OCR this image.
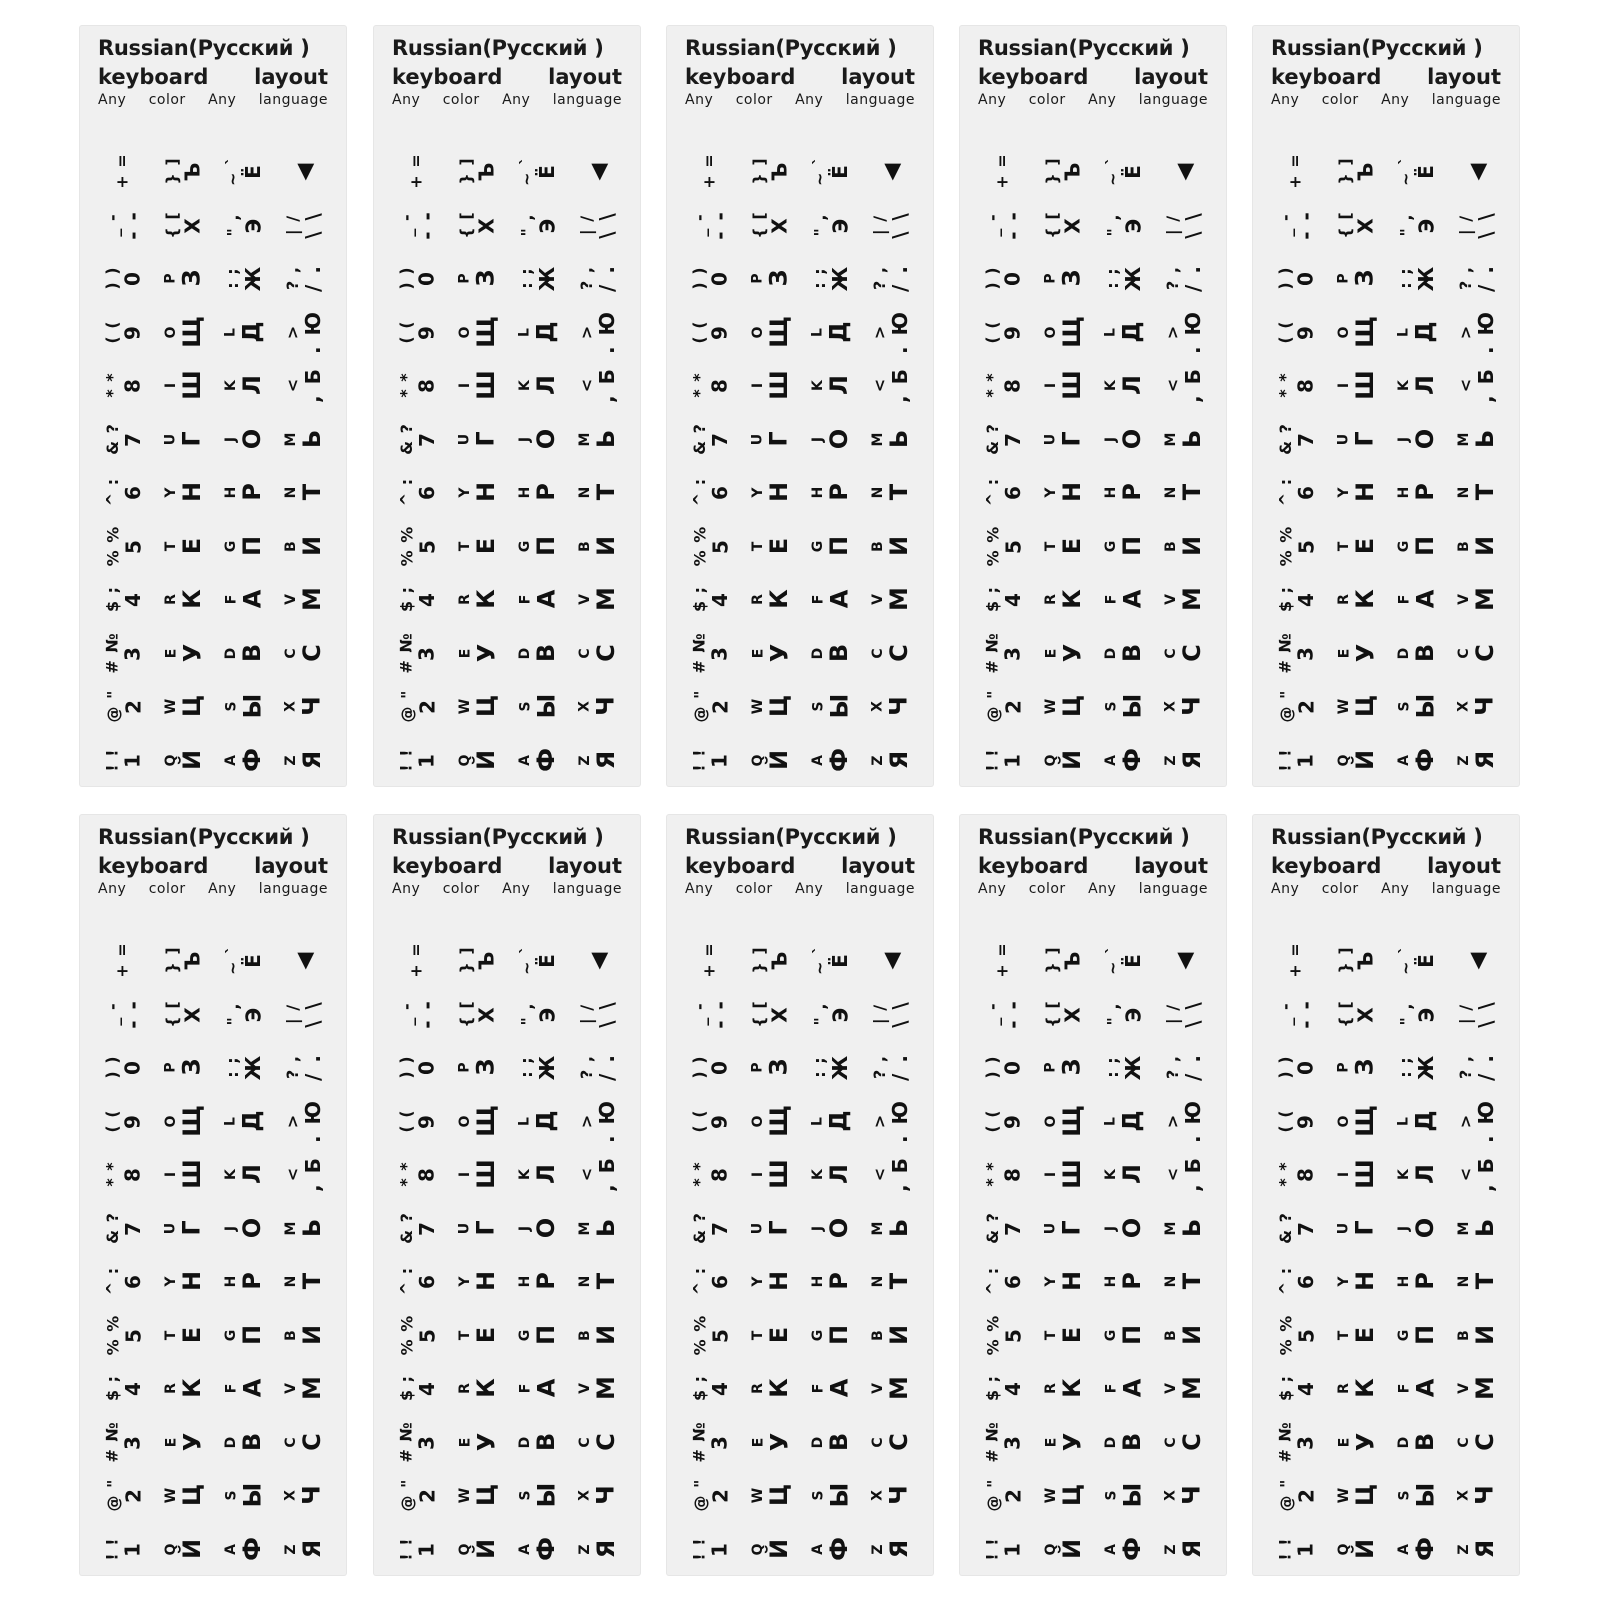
Russian(Русский )
keyboard layout
Any color Any language
! ! 1
@ " 2
# № 3
$ ; 4
% % 5
^ : 6
& ? 7
* * 8
( ( 9
) ) 0
_ - - -
+ =
Q Й
W Ц
E У
R К
T Е
Y Н
U Г
I Ш
O Щ
P З
{ [ Х
} ] Ъ
A Ф
S Ы
D В
F А
G П
H Р
J О
K Л
L Д
: ; Ж
" , Э
~ ` Ё
Z Я
X Ч
C С
V М
B И
N Т
M Ь
< , Б
> . Ю
? , / .
| / \ \
◀
Russian(Русский )
keyboard layout
Any color Any language
! ! 1
@ " 2
# № 3
$ ; 4
% % 5
^ : 6
& ? 7
* * 8
( ( 9
) ) 0
_ - - -
+ =
Q Й
W Ц
E У
R К
T Е
Y Н
U Г
I Ш
O Щ
P З
{ [ Х
} ] Ъ
A Ф
S Ы
D В
F А
G П
H Р
J О
K Л
L Д
: ; Ж
" , Э
~ ` Ё
Z Я
X Ч
C С
V М
B И
N Т
M Ь
< , Б
> . Ю
? , / .
| / \ \
◀
Russian(Русский )
keyboard layout
Any color Any language
! ! 1
@ " 2
# № 3
$ ; 4
% % 5
^ : 6
& ? 7
* * 8
( ( 9
) ) 0
_ - - -
+ =
Q Й
W Ц
E У
R К
T Е
Y Н
U Г
I Ш
O Щ
P З
{ [ Х
} ] Ъ
A Ф
S Ы
D В
F А
G П
H Р
J О
K Л
L Д
: ; Ж
" , Э
~ ` Ё
Z Я
X Ч
C С
V М
B И
N Т
M Ь
< , Б
> . Ю
? , / .
| / \ \
◀
Russian(Русский )
keyboard layout
Any color Any language
! ! 1
@ " 2
# № 3
$ ; 4
% % 5
^ : 6
& ? 7
* * 8
( ( 9
) ) 0
_ - - -
+ =
Q Й
W Ц
E У
R К
T Е
Y Н
U Г
I Ш
O Щ
P З
{ [ Х
} ] Ъ
A Ф
S Ы
D В
F А
G П
H Р
J О
K Л
L Д
: ; Ж
" , Э
~ ` Ё
Z Я
X Ч
C С
V М
B И
N Т
M Ь
< , Б
> . Ю
? , / .
| / \ \
◀
Russian(Русский )
keyboard layout
Any color Any language
! ! 1
@ " 2
# № 3
$ ; 4
% % 5
^ : 6
& ? 7
* * 8
( ( 9
) ) 0
_ - - -
+ =
Q Й
W Ц
E У
R К
T Е
Y Н
U Г
I Ш
O Щ
P З
{ [ Х
} ] Ъ
A Ф
S Ы
D В
F А
G П
H Р
J О
K Л
L Д
: ; Ж
" , Э
~ ` Ё
Z Я
X Ч
C С
V М
B И
N Т
M Ь
< , Б
> . Ю
? , / .
| / \ \
◀
Russian(Русский )
keyboard layout
Any color Any language
! ! 1
@ " 2
# № 3
$ ; 4
% % 5
^ : 6
& ? 7
* * 8
( ( 9
) ) 0
_ - - -
+ =
Q Й
W Ц
E У
R К
T Е
Y Н
U Г
I Ш
O Щ
P З
{ [ Х
} ] Ъ
A Ф
S Ы
D В
F А
G П
H Р
J О
K Л
L Д
: ; Ж
" , Э
~ ` Ё
Z Я
X Ч
C С
V М
B И
N Т
M Ь
< , Б
> . Ю
? , / .
| / \ \
◀
Russian(Русский )
keyboard layout
Any color Any language
! ! 1
@ " 2
# № 3
$ ; 4
% % 5
^ : 6
& ? 7
* * 8
( ( 9
) ) 0
_ - - -
+ =
Q Й
W Ц
E У
R К
T Е
Y Н
U Г
I Ш
O Щ
P З
{ [ Х
} ] Ъ
A Ф
S Ы
D В
F А
G П
H Р
J О
K Л
L Д
: ; Ж
" , Э
~ ` Ё
Z Я
X Ч
C С
V М
B И
N Т
M Ь
< , Б
> . Ю
? , / .
| / \ \
◀
Russian(Русский )
keyboard layout
Any color Any language
! ! 1
@ " 2
# № 3
$ ; 4
% % 5
^ : 6
& ? 7
* * 8
( ( 9
) ) 0
_ - - -
+ =
Q Й
W Ц
E У
R К
T Е
Y Н
U Г
I Ш
O Щ
P З
{ [ Х
} ] Ъ
A Ф
S Ы
D В
F А
G П
H Р
J О
K Л
L Д
: ; Ж
" , Э
~ ` Ё
Z Я
X Ч
C С
V М
B И
N Т
M Ь
< , Б
> . Ю
? , / .
| / \ \
◀
Russian(Русский )
keyboard layout
Any color Any language
! ! 1
@ " 2
# № 3
$ ; 4
% % 5
^ : 6
& ? 7
* * 8
( ( 9
) ) 0
_ - - -
+ =
Q Й
W Ц
E У
R К
T Е
Y Н
U Г
I Ш
O Щ
P З
{ [ Х
} ] Ъ
A Ф
S Ы
D В
F А
G П
H Р
J О
K Л
L Д
: ; Ж
" , Э
~ ` Ё
Z Я
X Ч
C С
V М
B И
N Т
M Ь
< , Б
> . Ю
? , / .
| / \ \
◀
Russian(Русский )
keyboard layout
Any color Any language
! ! 1
@ " 2
# № 3
$ ; 4
% % 5
^ : 6
& ? 7
* * 8
( ( 9
) ) 0
_ - - -
+ =
Q Й
W Ц
E У
R К
T Е
Y Н
U Г
I Ш
O Щ
P З
{ [ Х
} ] Ъ
A Ф
S Ы
D В
F А
G П
H Р
J О
K Л
L Д
: ; Ж
" , Э
~ ` Ё
Z Я
X Ч
C С
V М
B И
N Т
M Ь
< , Б
> . Ю
? , / .
| / \ \
◀
